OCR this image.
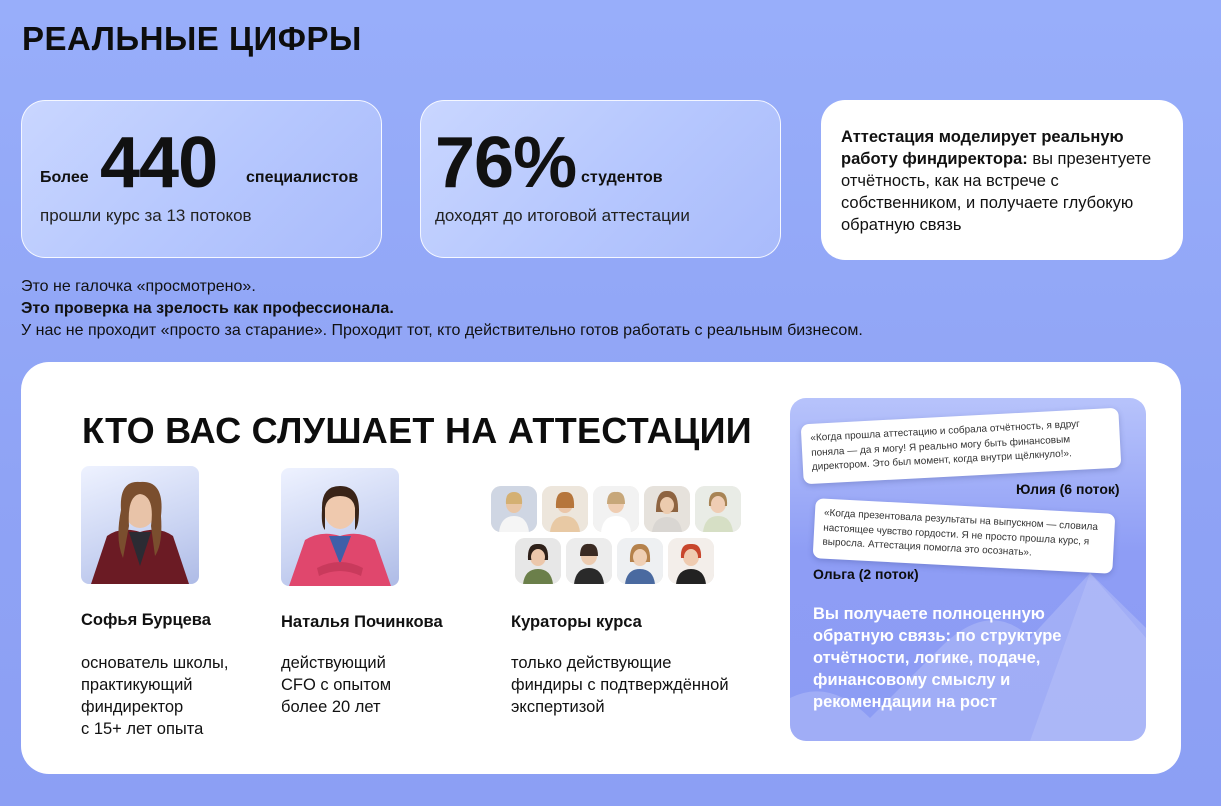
РЕАЛЬНЫЕ ЦИФРЫ
Более 440 специалистов
прошли курс за 13 потоков
76% студентов
доходят до итоговой аттестации
Аттестация моделирует реальную работу финдиректора: вы презентуете отчётность, как на встрече с собственником, и получаете глубокую обратную связь
Это не галочка «просмотрено».
Это проверка на зрелость как профессионала.
У нас не проходит «просто за старание». Проходит тот, кто действительно готов работать с реальным бизнесом.
КТО ВАС СЛУШАЕТ НА АТТЕСТАЦИИ
Софья Бурцева
основатель школы,
практикующий
финдиректор
с 15+ лет опыта
Наталья Починкова
действующий
CFO с опытом
более 20 лет
Кураторы курса
только действующие
финдиры с подтверждённой
экспертизой
«Когда прошла аттестацию и собрала отчётность, я вдруг поняла — да я могу! Я реально могу быть финансовым директором. Это был момент, когда внутри щёлкнуло!».
Юлия (6 поток)
«Когда презентовала результаты на выпускном — словила настоящее чувство гордости. Я не просто прошла курс, я выросла. Аттестация помогла это осознать».
Ольга (2 поток)
Вы получаете полноценную обратную связь: по структуре отчётности, логике, подаче, финансовому смыслу и рекомендации на рост
